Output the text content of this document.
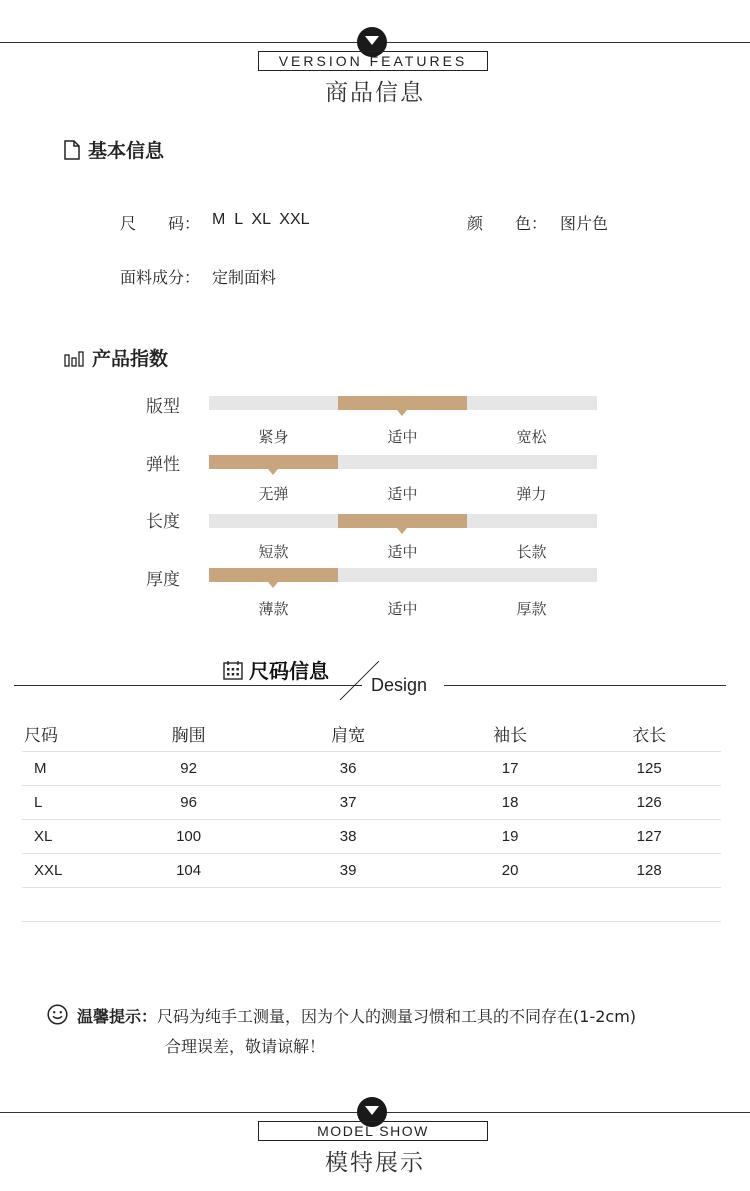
VERSION FEATURES
商品信息
基本信息
尺　　码： M  L  XL  XXL	颜　　色： 图片色
面料成分： 定制面料
产品指数
版型
紧身	适中	宽松
弹性
无弹	适中	弹力
长度
短款	适中	长款
厚度
薄款	适中	厚款
尺码信息
Design
尺码	胸围	肩宽	袖长	衣长
M	92	36	17	125
L	96	37	18	126
XL	100	38	19	127
XXL	104	39	20	128

温馨提示：尺码为纯手工测量，因为个人的测量习惯和工具的不同存在(1-2cm)
合理误差，敬请谅解！
MODEL SHOW
模特展示
